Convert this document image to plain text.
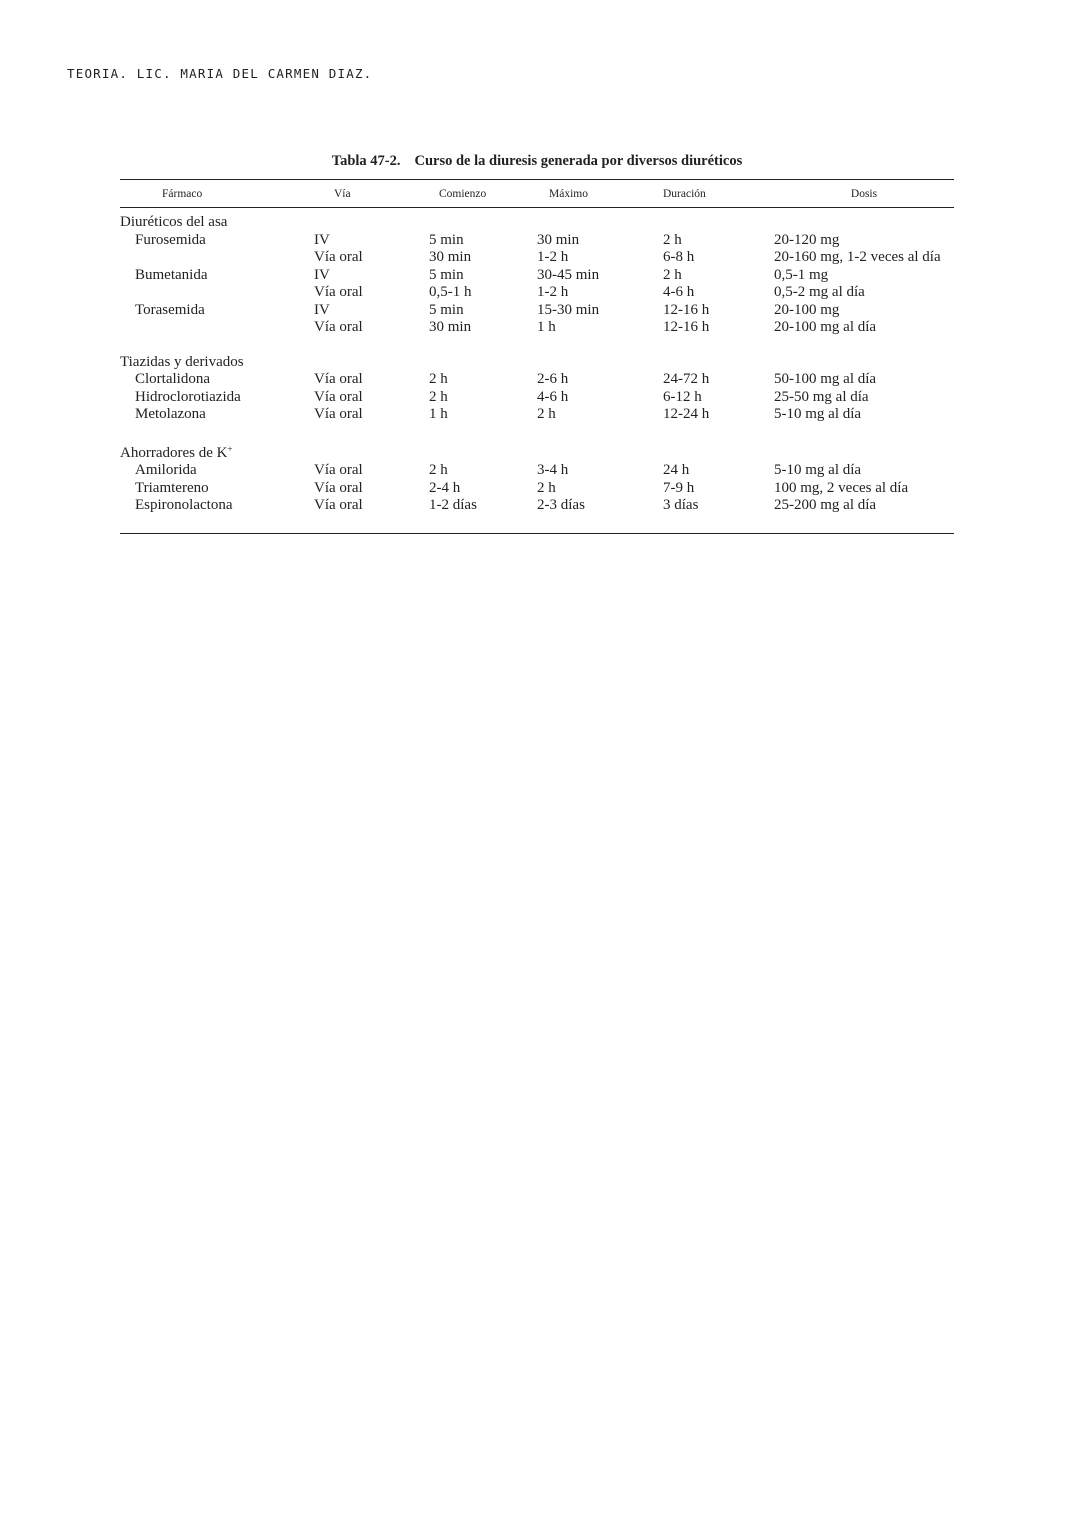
TEORIA. LIC. MARIA DEL CARMEN DIAZ.
Tabla 47-2. Curso de la diuresis generada por diversos diuréticos
Fármaco	Vía	Comienzo	Máximo	Duración	Dosis

Diuréticos del asa					
Furosemida	IV	5 min	30 min	2 h	20-120 mg
	Vía oral	30 min	1-2 h	6-8 h	20-160 mg, 1-2 veces al día
Bumetanida	IV	5 min	30-45 min	2 h	0,5-1 mg
	Vía oral	0,5-1 h	1-2 h	4-6 h	0,5-2 mg al día
Torasemida	IV	5 min	15-30 min	12-16 h	20-100 mg
	Vía oral	30 min	1 h	12-16 h	20-100 mg al día

Tiazidas y derivados					
Clortalidona	Vía oral	2 h	2-6 h	24-72 h	50-100 mg al día
Hidroclorotiazida	Vía oral	2 h	4-6 h	6-12 h	25-50 mg al día
Metolazona	Vía oral	1 h	2 h	12-24 h	5-10 mg al día

Ahorradores de K+
Amilorida	Vía oral	2 h	3-4 h	24 h	5-10 mg al día
Triamtereno	Vía oral	2-4 h	2 h	7-9 h	100 mg, 2 veces al día
Espironolactona	Vía oral	1-2 días	2-3 días	3 días	25-200 mg al día
